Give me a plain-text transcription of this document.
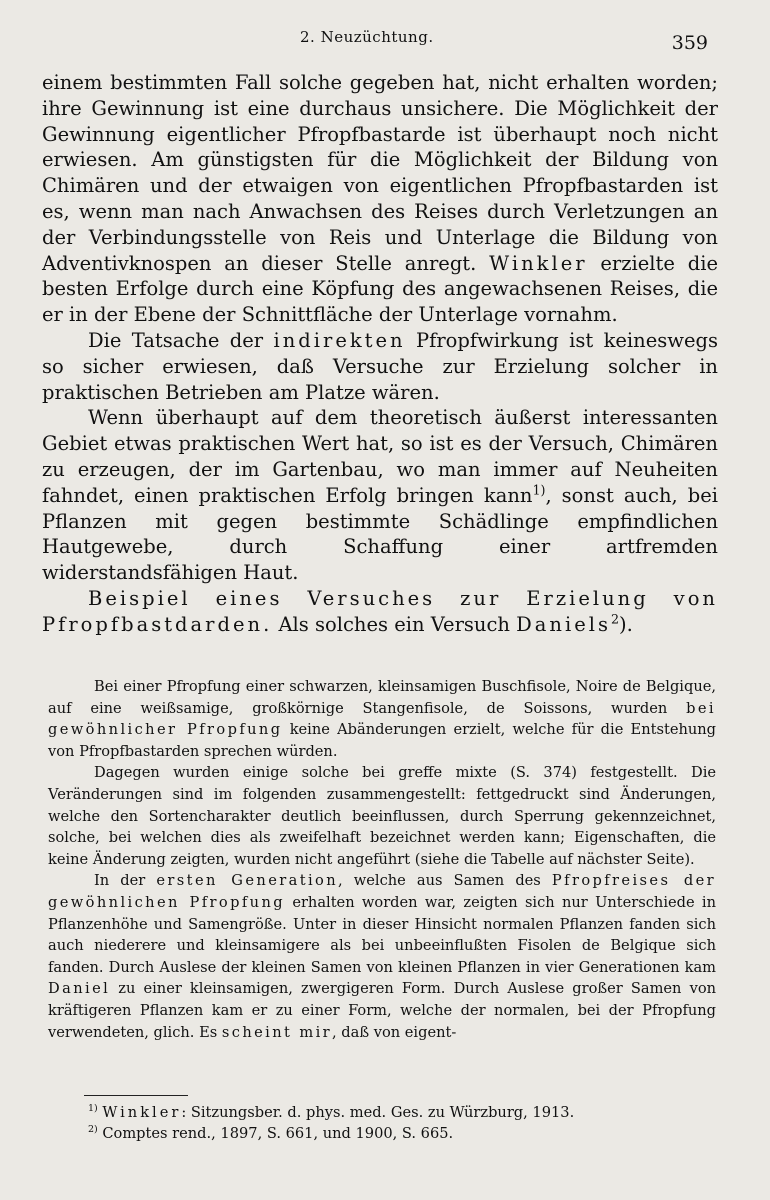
2. Neuzüchtung.	359

einem bestimmten Fall solche gegeben hat, nicht erhalten worden; ihre Gewinnung ist eine durchaus unsichere. Die Möglichkeit der Gewinnung eigentlicher Pfropfbastarde ist überhaupt noch nicht erwiesen. Am günstigsten für die Möglichkeit der Bildung von Chimären und der etwaigen von eigentlichen Pfropfbastarden ist es, wenn man nach Anwachsen des Reises durch Verletzungen an der Verbindungsstelle von Reis und Unterlage die Bildung von Adventivknospen an dieser Stelle anregt. Winkler erzielte die besten Erfolge durch eine Köpfung des angewachsenen Reises, die er in der Ebene der Schnittfläche der Unterlage vornahm.

Die Tatsache der indirekten Pfropfwirkung ist keineswegs so sicher erwiesen, daß Versuche zur Erzielung solcher in praktischen Betrieben am Platze wären.

Wenn überhaupt auf dem theoretisch äußerst interessanten Gebiet etwas praktischen Wert hat, so ist es der Versuch, Chimären zu erzeugen, der im Gartenbau, wo man immer auf Neuheiten fahndet, einen praktischen Erfolg bringen kann$^{1)}$, sonst auch, bei Pflanzen mit gegen bestimmte Schädlinge empfindlichen Hautgewebe, durch Schaffung einer artfremden widerstandsfähigen Haut.

Beispiel eines Versuches zur Erzielung von Pfropfbastdarden. Als solches ein Versuch Daniels$^2$).

Bei einer Pfropfung einer schwarzen, kleinsamigen Buschfisole, Noire de Belgique, auf eine weißsamige, großkörnige Stangenfisole, de Soissons, wurden bei gewöhnlicher Pfropfung keine Abänderungen erzielt, welche für die Entstehung von Pfropfbastarden sprechen würden.

Dagegen wurden einige solche bei greffe mixte (S. 374) festgestellt. Die Veränderungen sind im folgenden zusammengestellt: fettgedruckt sind Änderungen, welche den Sortencharakter deutlich beeinflussen, durch Sperrung gekennzeichnet, solche, bei welchen dies als zweifelhaft bezeichnet werden kann; Eigenschaften, die keine Änderung zeigten, wurden nicht angeführt (siehe die Tabelle auf nächster Seite).

In der ersten Generation, welche aus Samen des Pfropfreises der gewöhnlichen Pfropfung erhalten worden war, zeigten sich nur Unterschiede in Pflanzenhöhe und Samengröße. Unter in dieser Hinsicht normalen Pflanzen fanden sich auch niederere und kleinsamigere als bei unbeeinflußten Fisolen de Belgique sich fanden. Durch Auslese der kleinen Samen von kleinen Pflanzen in vier Generationen kam Daniel zu einer kleinsamigen, zwergigeren Form. Durch Auslese großer Samen von kräftigeren Pflanzen kam er zu einer Form, welche der normalen, bei der Pfropfung verwendeten, glich. Es scheint mir, daß von eigent-

$^{1)}$ Winkler: Sitzungsber. d. phys. med. Ges. zu Würzburg, 1913.

$^{2)}$ Comptes rend., 1897, S. 661, und 1900, S. 665.
